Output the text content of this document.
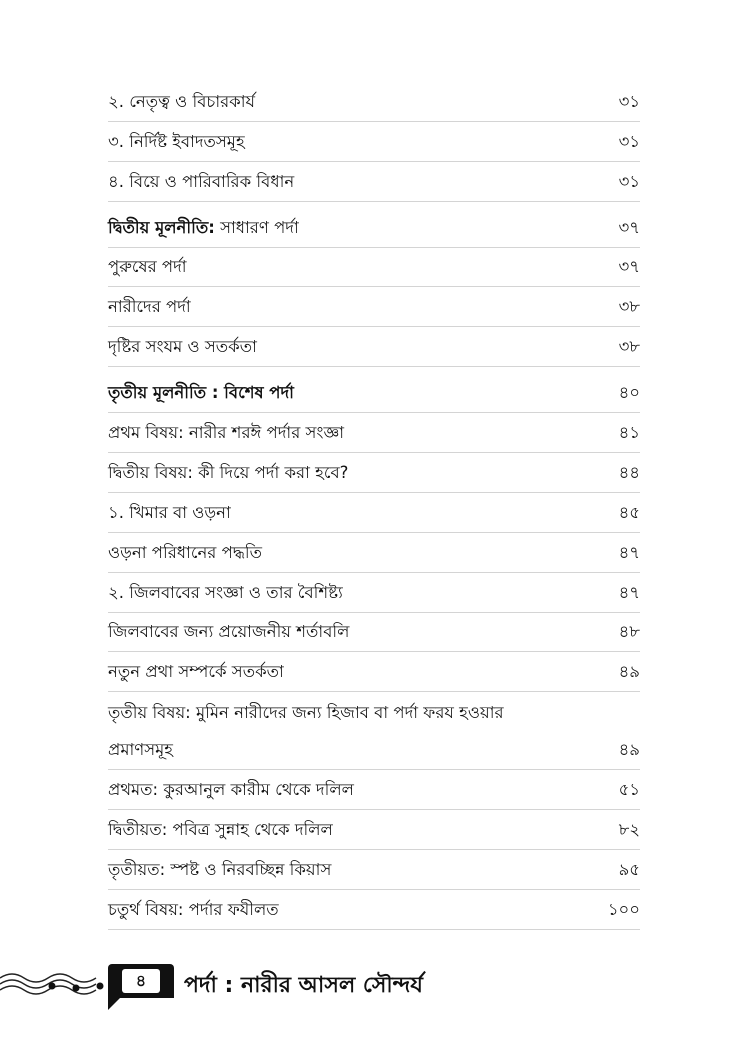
২. নেতৃত্ব ও বিচারকার্য	৩১
৩. নির্দিষ্ট ইবাদতসমূহ	৩১
৪. বিয়ে ও পারিবারিক বিধান	৩১
দ্বিতীয় মূলনীতি: সাধারণ পর্দা	৩৭
পুরুষের পর্দা	৩৭
নারীদের পর্দা	৩৮
দৃষ্টির সংযম ও সতর্কতা	৩৮
তৃতীয় মূলনীতি : বিশেষ পর্দা	৪০
প্রথম বিষয়: নারীর শরঈ পর্দার সংজ্ঞা	৪১
দ্বিতীয় বিষয়: কী দিয়ে পর্দা করা হবে?	৪৪
১. খিমার বা ওড়না	৪৫
ওড়না পরিধানের পদ্ধতি	৪৭
২. জিলবাবের সংজ্ঞা ও তার বৈশিষ্ট্য	৪৭
জিলবাবের জন্য প্রয়োজনীয় শর্তাবলি	৪৮
নতুন প্রথা সম্পর্কে সতর্কতা	৪৯
তৃতীয় বিষয়: মুমিন নারীদের জন্য হিজাব বা পর্দা ফরয হওয়ার
প্রমাণসমূহ	৪৯
প্রথমত: কুরআনুল কারীম থেকে দলিল	৫১
দ্বিতীয়ত: পবিত্র সুন্নাহ থেকে দলিল	৮২
তৃতীয়ত: স্পষ্ট ও নিরবচ্ছিন্ন কিয়াস	৯৫
চতুর্থ বিষয়: পর্দার ফযীলত	১০০
৪	পর্দা : নারীর আসল সৌন্দর্য
